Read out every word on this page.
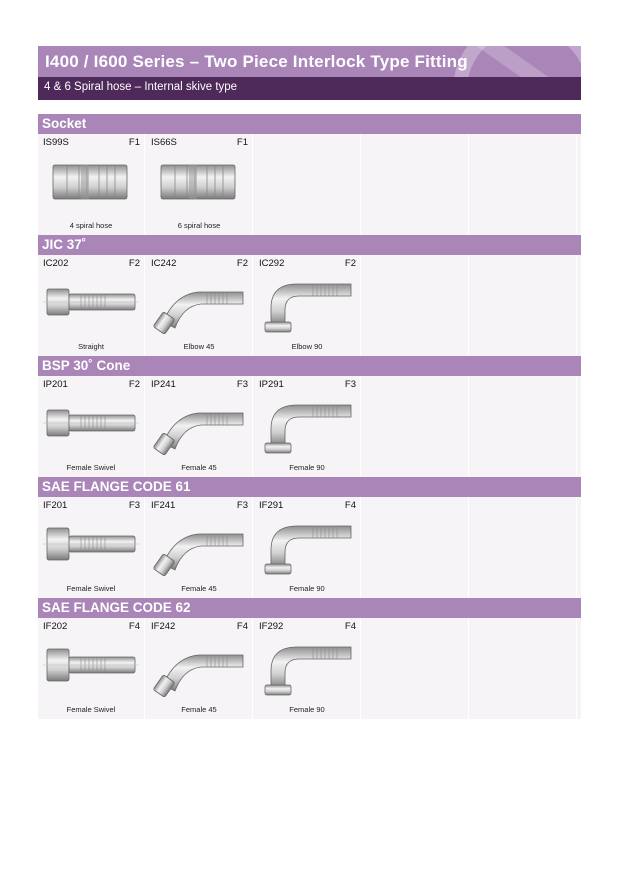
I400 / I600 Series – Two Piece Interlock Type Fitting
4 & 6 Spiral hose – Internal skive type
Socket
IS99S	F1
4 spiral hose
IS66S	F1
6 spiral hose
JIC 37˚
IC202	F2
Straight
IC242	F2
Elbow 45
IC292	F2
Elbow 90
BSP 30˚ Cone
IP201	F2
Female Swivel
IP241	F3
Female 45
IP291	F3
Female 90
SAE FLANGE CODE 61
IF201	F3
Female Swivel
IF241	F3
Female 45
IF291	F4
Female 90
SAE FLANGE CODE 62
IF202	F4
Female Swivel
IF242	F4
Female 45
IF292	F4
Female 90
